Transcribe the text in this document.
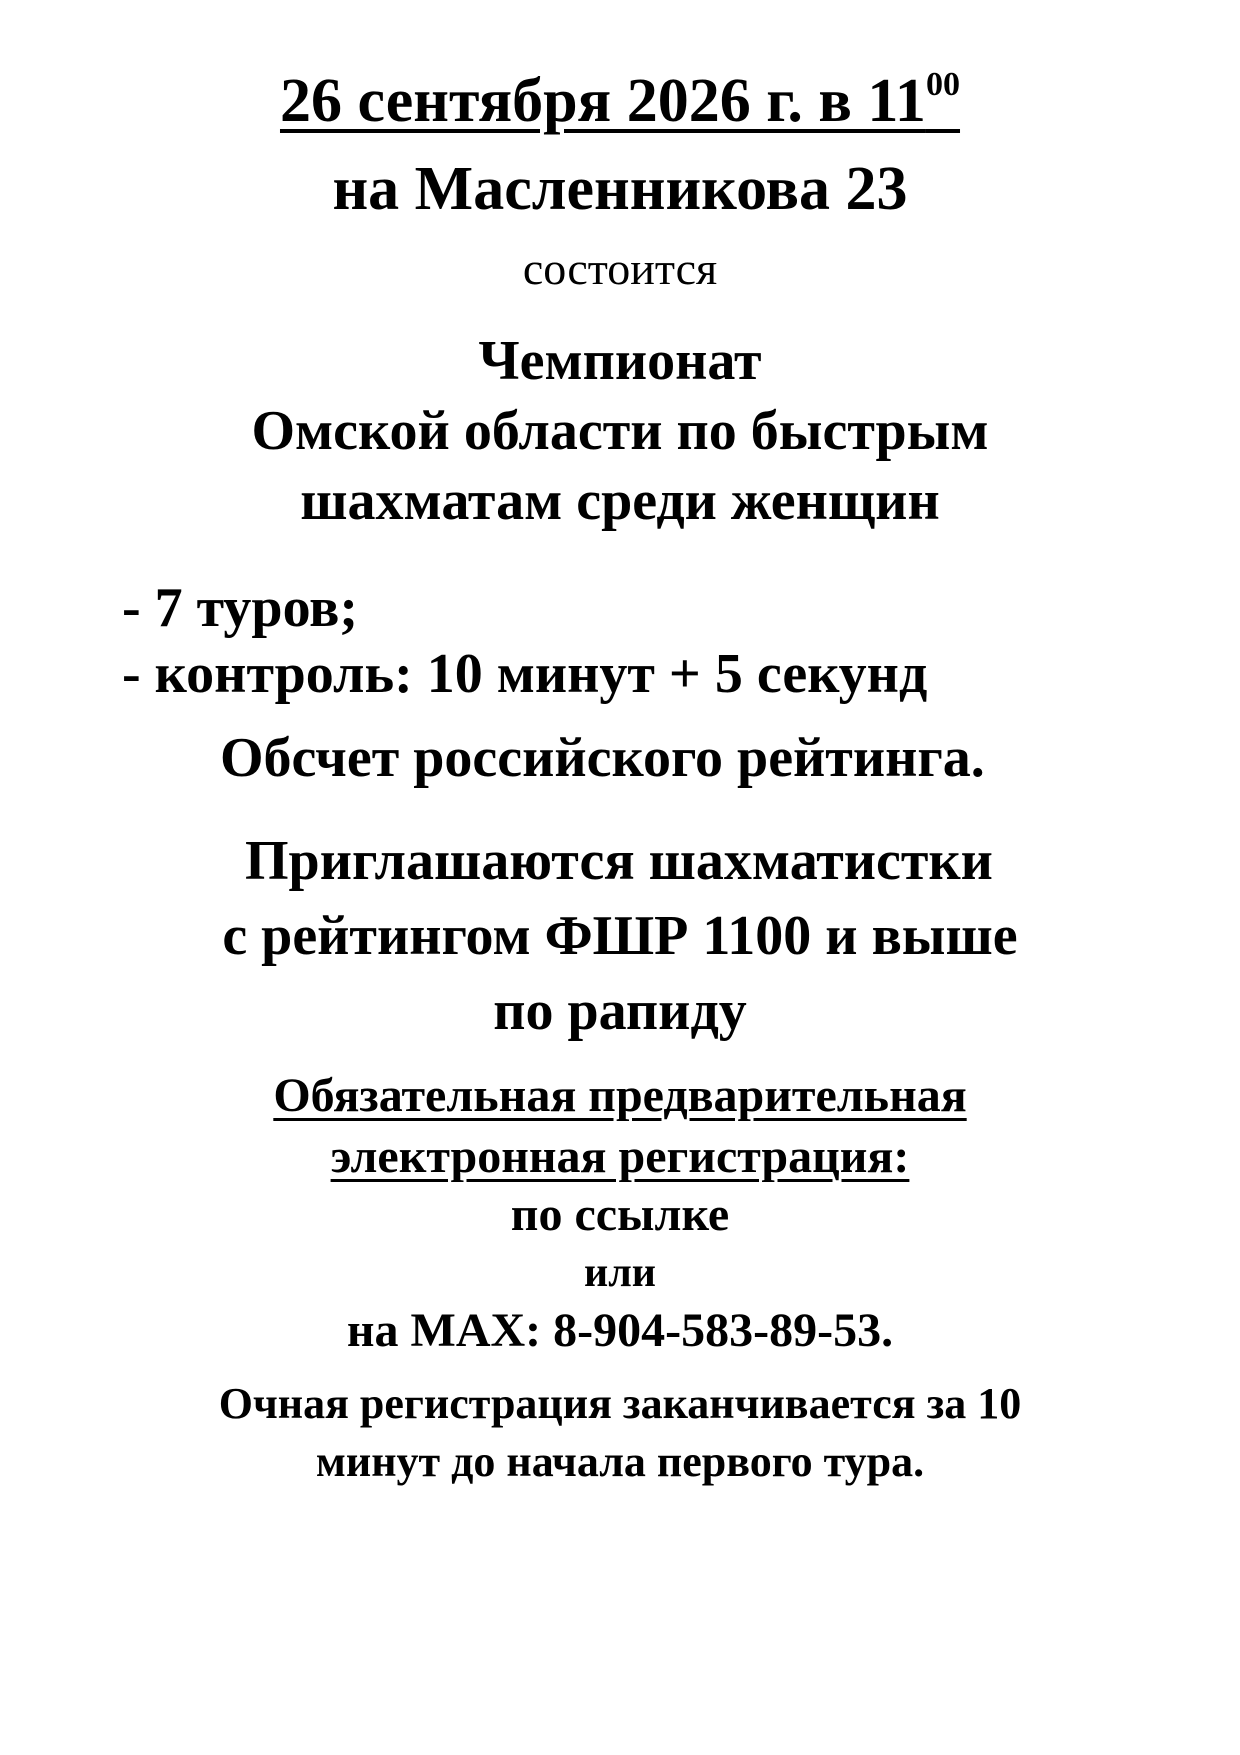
26 сентября 2026 г. в $11^{00}$
на Масленникова 23
состоится
Чемпионат
Омской области по быстрым
шахматам среди женщин
- 7 туров;
- контроль: 10 минут + 5 секунд
Обсчет российского рейтинга.
Приглашаются шахматистки
с рейтингом ФШР 1100 и выше
по рапиду
Обязательная предварительная
электронная регистрация:
по ссылке
или
на MAX: 8-904-583-89-53.
Очная регистрация заканчивается за 10
минут до начала первого тура.
